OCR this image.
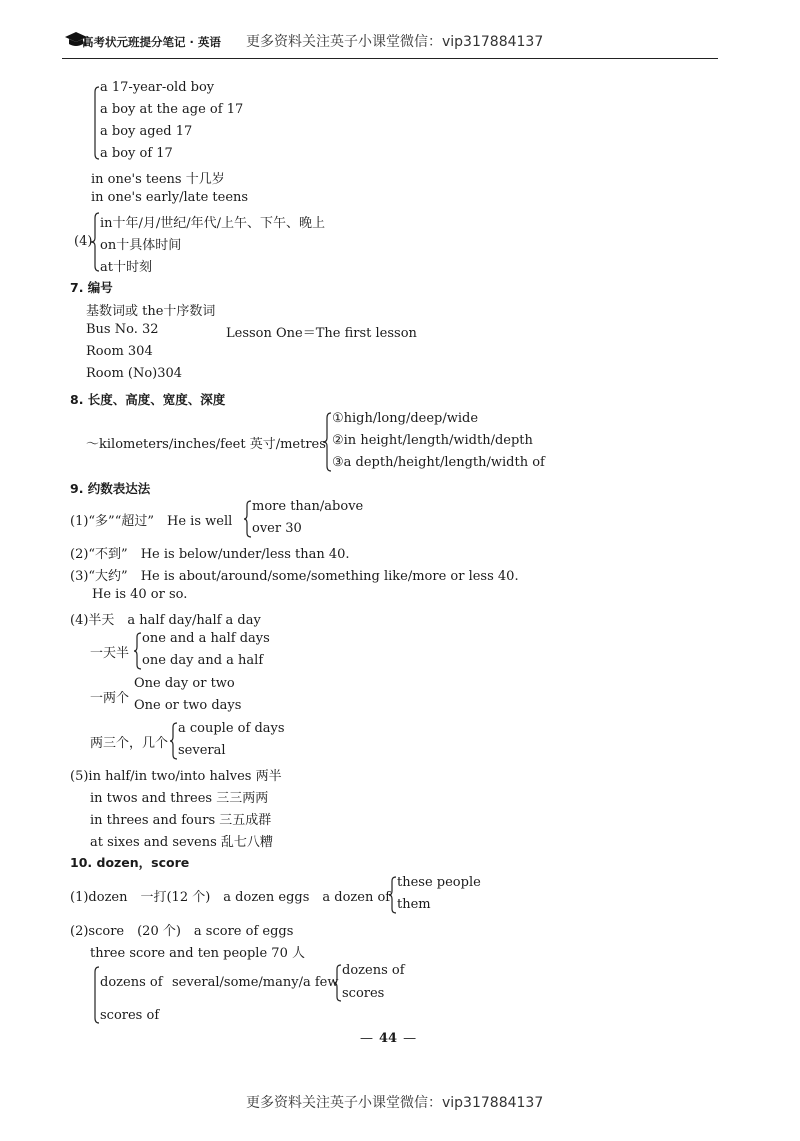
高考状元班提分笔记 · 英语 更多资料关注英子小课堂微信：vip317884137
a 17-year-old boy
a boy at the age of 17
a boy aged 17
a boy of 17
in one's teens 十几岁
in one's early/late teens
(4)
in十年/月/世纪/年代/上午、下午、晚上
on十具体时间
at十时刻
7. 编号
基数词或 the十序数词
Bus No. 32	Lesson One＝The first lesson
Room 304
Room (No)304
8. 长度、高度、宽度、深度
～kilometers/inches/feet 英寸/metres
①high/long/deep/wide
②in height/length/width/depth
③a depth/height/length/width of
9. 约数表达法
(1)“多”“超过”　He is well
more than/above
over 30
(2)“不到”　He is below/under/less than 40.
(3)“大约”　He is about/around/some/something like/more or less 40.
He is 40 or so.
(4)半天　a half day/half a day
一天半
one and a half days
one day and a half
一两个
One day or two
One or two days
两三个，几个
a couple of days
several
(5)in half/in two/into halves 两半
in twos and threes 三三两两
in threes and fours 三五成群
at sixes and sevens 乱七八糟
10. dozen，score
(1)dozen　一打(12 个)　a dozen eggs　a dozen of
these people
them
(2)score　(20 个)　a score of eggs
three score and ten people 70 人
dozens of several/some/many/a few
dozens of
scores
scores of
— 44 —
更多资料关注英子小课堂微信：vip317884137
